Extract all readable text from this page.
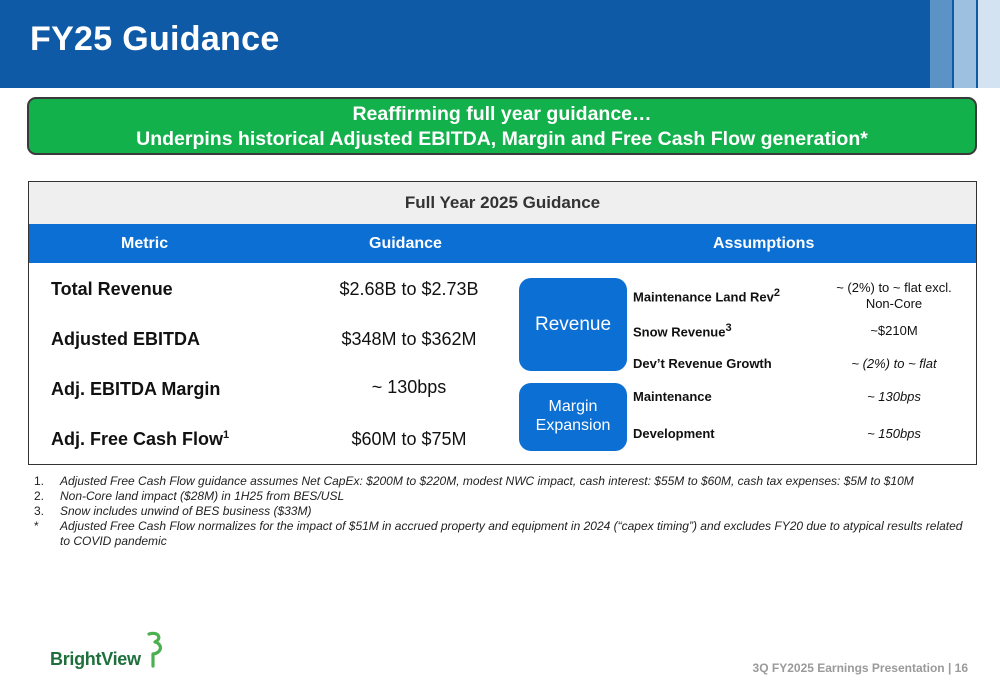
FY25 Guidance
Reaffirming full year guidance…
Underpins historical Adjusted EBITDA, Margin and Free Cash Flow generation*
Full Year 2025 Guidance
Metric	Guidance	Assumptions
Total Revenue	$2.68B to $2.73B
Adjusted EBITDA	$348M to $362M
Adj. EBITDA Margin	~ 130bps
Adj. Free Cash Flow$^1$	$60M to $75M
Revenue
Margin
Expansion
Maintenance Land Rev$^2$	~ (2%) to ~ flat excl.
Non-Core
Snow Revenue$^3$	~$210M
Dev’t Revenue Growth	~ (2%) to ~ flat
Maintenance	~ 130bps
Development	~ 150bps
1. Adjusted Free Cash Flow guidance assumes Net CapEx: $200M to $220M, modest NWC impact, cash interest: $55M to $60M, cash tax expenses: $5M to $10M
2. Non-Core land impact ($28M) in 1H25 from BES/USL
3. Snow includes unwind of BES business ($33M)
* Adjusted Free Cash Flow normalizes for the impact of $51M in accrued property and equipment in 2024 (“capex timing”) and excludes FY20 due to atypical results related to COVID pandemic
BrightView	3Q FY2025 Earnings Presentation | 16
